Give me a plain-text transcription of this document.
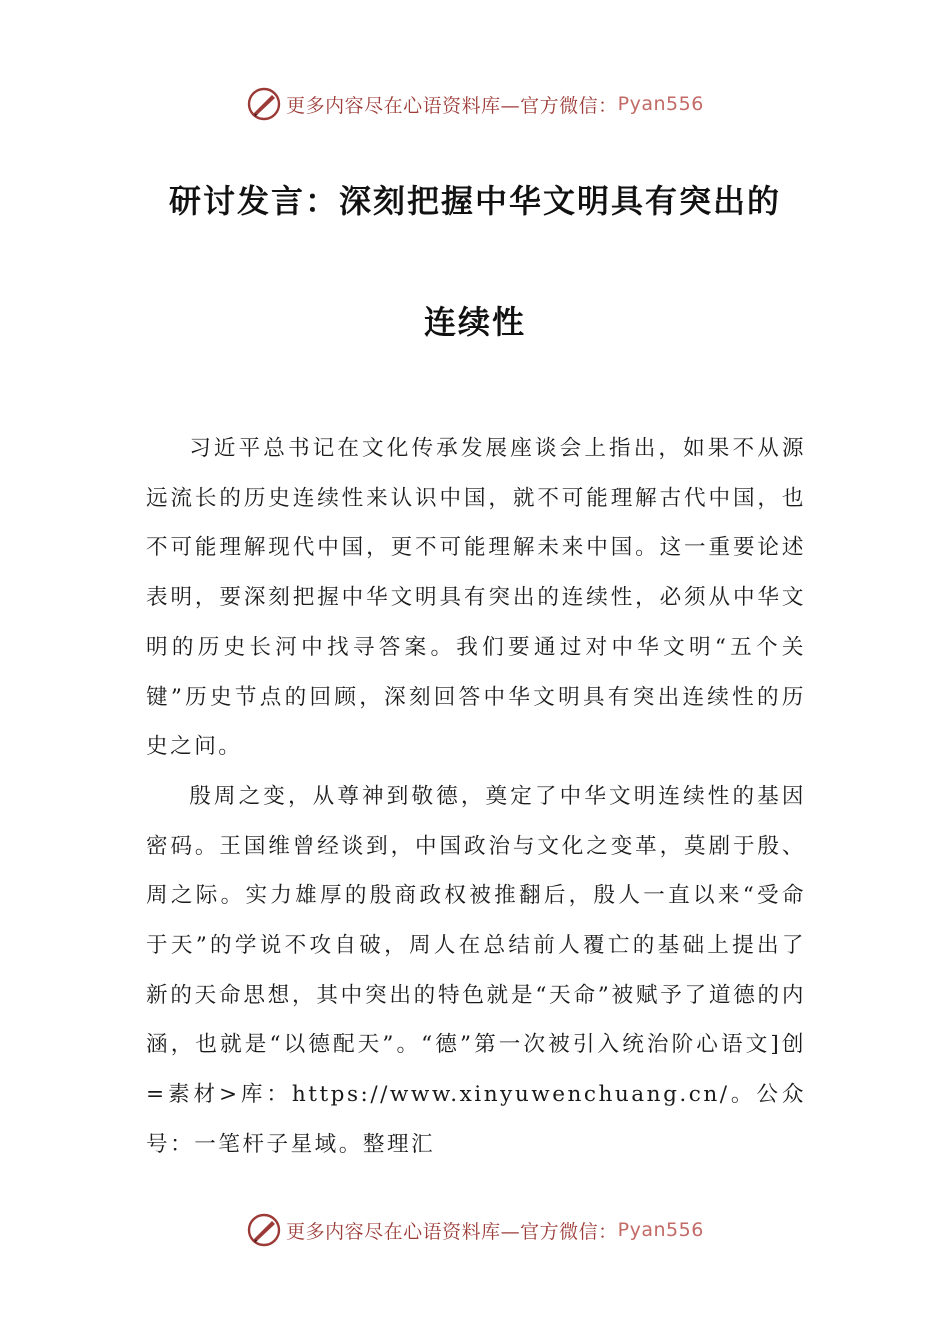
更多内容尽在心语资料库—官方微信： Pyan556
研讨发言：深刻把握中华文明具有突出的
连续性

习近平总书记在文化传承发展座谈会上指出，如果不从源远流长的历史连续性来认识中国，就不可能理解古代中国，也不可能理解现代中国，更不可能理解未来中国。这一重要论述表明，要深刻把握中华文明具有突出的连续性，必须从中华文明的历史长河中找寻答案。我们要通过对中华文明“五个关键”历史节点的回顾，深刻回答中华文明具有突出连续性的历史之问。

殷周之变，从尊神到敬德，奠定了中华文明连续性的基因密码。王国维曾经谈到，中国政治与文化之变革，莫剧于殷、周之际。实力雄厚的殷商政权被推翻后，殷人一直以来“受命于天”的学说不攻自破，周人在总结前人覆亡的基础上提出了新的天命思想，其中突出的特色就是“天命”被赋予了道德的内涵，也就是“以德配天”。“德”第一次被引入统治阶心语文]创=素材>库：https://www.xinyuwenchuang.cn/。公众号：一笔杆子星域。整理汇

更多内容尽在心语资料库—官方微信： Pyan556
